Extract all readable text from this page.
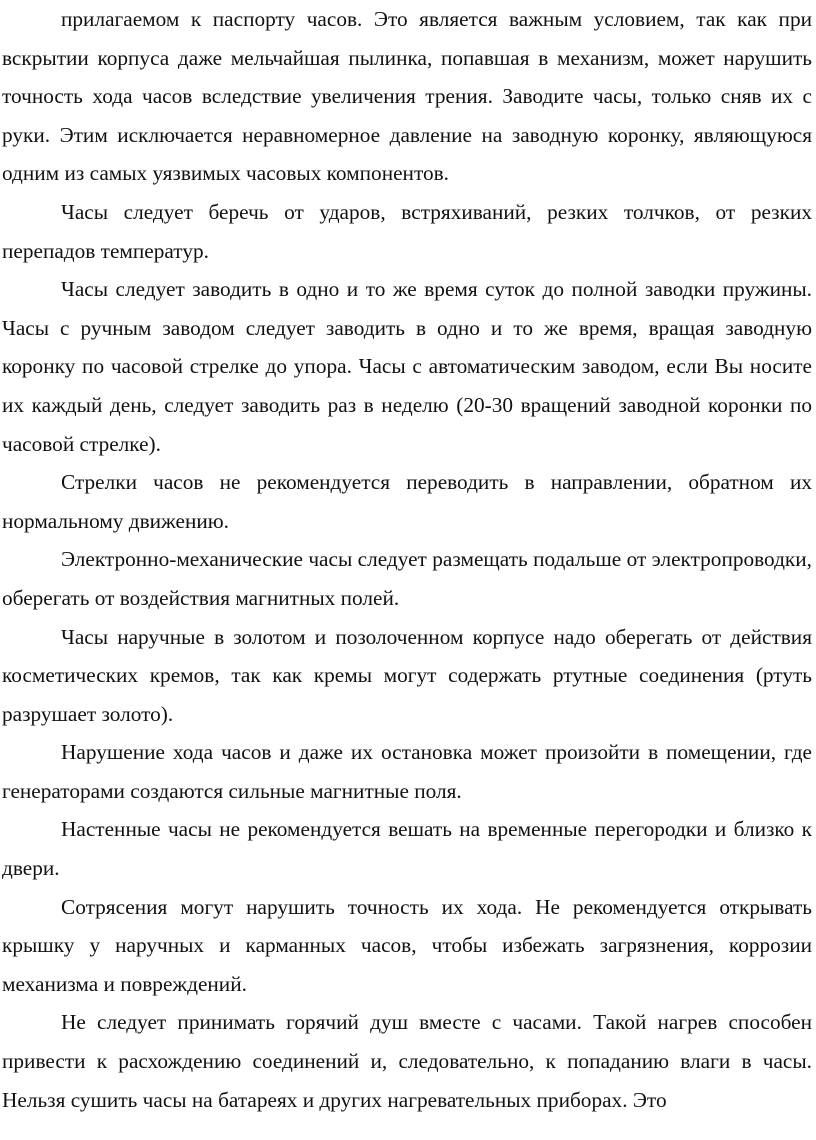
прилагаемом к паспорту часов. Это является важным условием, так как при вскрытии корпуса даже мельчайшая пылинка, попавшая в механизм, может нарушить точность хода часов вследствие увеличения трения. Заводите часы, только сняв их с руки. Этим исключается неравномерное давление на заводную коронку, являющуюся одним из самых уязвимых часовых компонентов.

Часы следует беречь от ударов, встряхиваний, резких толчков, от резких перепадов температур.

Часы следует заводить в одно и то же время суток до полной заводки пружины. Часы с ручным заводом следует заводить в одно и то же время, вращая заводную коронку по часовой стрелке до упора. Часы с автоматическим заводом, если Вы носите их каждый день, следует заводить раз в неделю (20-30 вращений заводной коронки по часовой стрелке).

Стрелки часов не рекомендуется переводить в направлении, обратном их нормальному движению.

Электронно-механические часы следует размещать подальше от электропроводки, оберегать от воздействия магнитных полей.

Часы наручные в золотом и позолоченном корпусе надо оберегать от действия косметических кремов, так как кремы могут содержать ртутные соединения (ртуть разрушает золото).

Нарушение хода часов и даже их остановка может произойти в помещении, где генераторами создаются сильные магнитные поля.

Настенные часы не рекомендуется вешать на временные перегородки и близко к двери.

Сотрясения могут нарушить точность их хода. Не рекомендуется открывать крышку у наручных и карманных часов, чтобы избежать загрязнения, коррозии механизма и повреждений.

Не следует принимать горячий душ вместе с часами. Такой нагрев способен привести к расхождению соединений и, следовательно, к попаданию влаги в часы. Нельзя сушить часы на батареях и других нагревательных приборах. Это
